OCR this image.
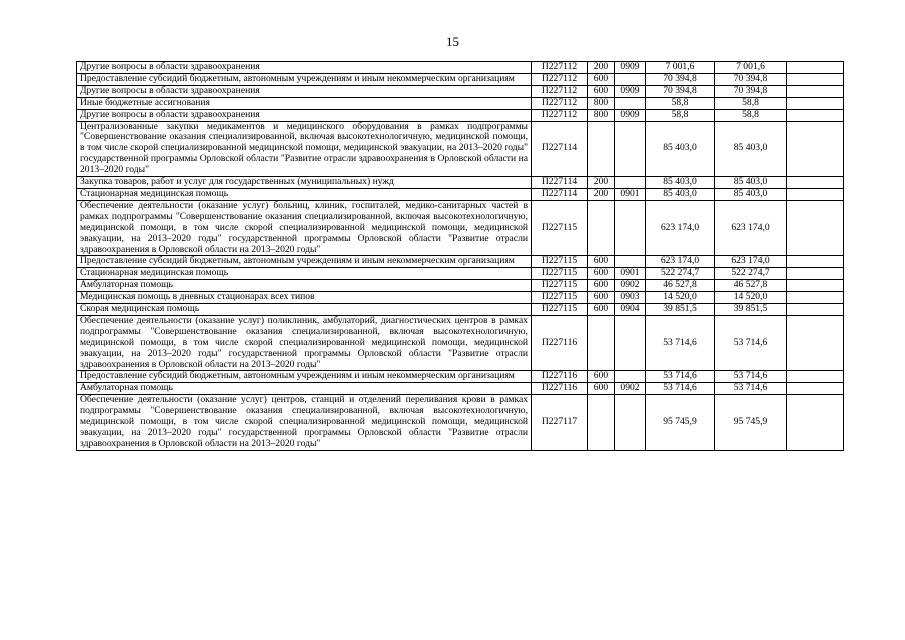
15
Другие вопросы в области здравоохранения	П227112	200	0909	7 001,6	7 001,6	
Предоставление субсидий бюджетным, автономным учреждениям и иным некоммерческим организациям	П227112	600		70 394,8	70 394,8	
Другие вопросы в области здравоохранения	П227112	600	0909	70 394,8	70 394,8	
Иные бюджетные ассигнования	П227112	800		58,8	58,8	
Другие вопросы в области здравоохранения	П227112	800	0909	58,8	58,8	
Централизованные закупки медикаментов и медицинского оборудования в рамках подпрограммы "Совершенствование оказания специализированной, включая высокотехнологичную, медицинской помощи, в том числе скорой специализированной медицинской помощи, медицинской эвакуации, на 2013–2020 годы" государственной программы Орловской области "Развитие отрасли здравоохранения в Орловской области на 2013–2020 годы"	П227114			85 403,0	85 403,0	
Закупка товаров, работ и услуг для государственных (муниципальных) нужд	П227114	200		85 403,0	85 403,0	
Стационарная медицинская помощь	П227114	200	0901	85 403,0	85 403,0	
Обеспечение деятельности (оказание услуг) больниц, клиник, госпиталей, медико-санитарных частей в рамках подпрограммы "Совершенствование оказания специализированной, включая высокотехнологичную, медицинской помощи, в том числе скорой специализированной медицинской помощи, медицинской эвакуации, на 2013–2020 годы" государственной программы Орловской области "Развитие отрасли здравоохранения в Орловской области на 2013–2020 годы"	П227115			623 174,0	623 174,0	
Предоставление субсидий бюджетным, автономным учреждениям и иным некоммерческим организациям	П227115	600		623 174,0	623 174,0	
Стационарная медицинская помощь	П227115	600	0901	522 274,7	522 274,7	
Амбулаторная помощь	П227115	600	0902	46 527,8	46 527,8	
Медицинская помощь в дневных стационарах всех типов	П227115	600	0903	14 520,0	14 520,0	
Скорая медицинская помощь	П227115	600	0904	39 851,5	39 851,5	
Обеспечение деятельности (оказание услуг) поликлиник, амбулаторий, диагностических центров в рамках подпрограммы "Совершенствование оказания специализированной, включая высокотехнологичную, медицинской помощи, в том числе скорой специализированной медицинской помощи, медицинской эвакуации, на 2013–2020 годы" государственной программы Орловской области "Развитие отрасли здравоохранения в Орловской области на 2013–2020 годы"	П227116			53 714,6	53 714,6	
Предоставление субсидий бюджетным, автономным учреждениям и иным некоммерческим организациям	П227116	600		53 714,6	53 714,6	
Амбулаторная помощь	П227116	600	0902	53 714,6	53 714,6	
Обеспечение деятельности (оказание услуг) центров, станций и отделений переливания крови в рамках подпрограммы "Совершенствование оказания специализированной, включая высокотехнологичную, медицинской помощи, в том числе скорой специализированной медицинской помощи, медицинской эвакуации, на 2013–2020 годы" государственной программы Орловской области "Развитие отрасли здравоохранения в Орловской области на 2013–2020 годы"	П227117			95 745,9	95 745,9	
